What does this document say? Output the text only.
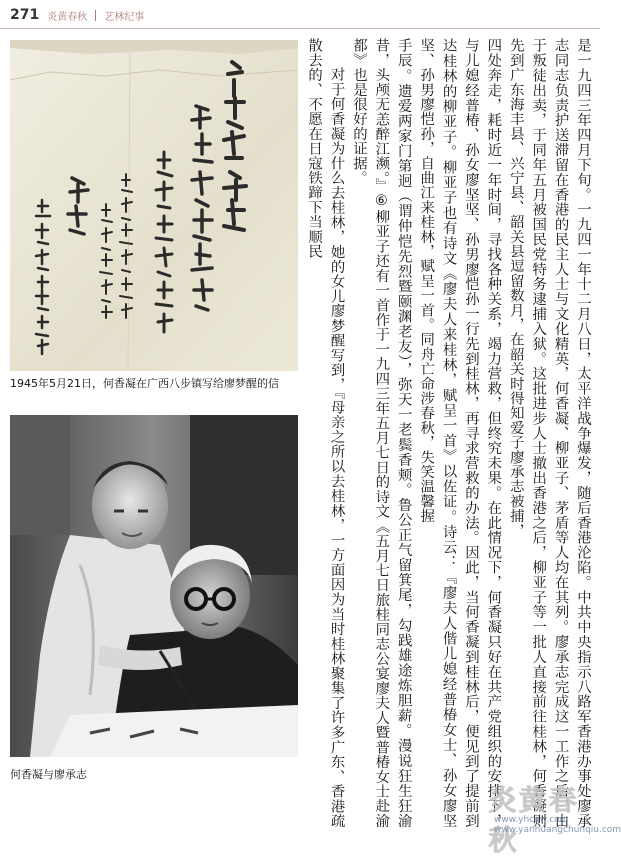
271 炎黄春秋 艺林纪事
1945年5月21日，何香凝在广西八步镇写给廖梦醒的信
何香凝与廖承志	是一九四三年四月下旬。一九四一年十二月八日，太平洋战争爆发，随后香港沦陷。中共中央指示八路军香港办事处廖承志同志负责护送滞留在香港的民主人士与文化精英，何香凝、柳亚子、茅盾等人均在其列。廖承志完成这一工作之后，由于叛徒出卖，于同年五月被国民党特务逮捕入狱。这批进步人士撤出香港之后，柳亚子等一批人直接前往桂林，何香凝则先到广东海丰县、兴宁县、韶关县逗留数月，在韶关时得知爱子廖承志被捕，

四处奔走，耗时近一年时间，寻找各种关系，竭力营救，但终究未果。在此情况下，何香凝只好在共产党组织的安排下，与儿媳经普椿、孙女廖坚坚、孙男廖恺孙一行先到桂林，再寻求营救的办法。因此，当何香凝到桂林后，便见到了提前到达桂林的柳亚子。柳亚子也有诗文《廖夫人来桂林，赋呈一首》以佐证。诗云：『廖夫人偕儿媳经普椿女士、孙女廖坚坚、孙男廖恺孙，自曲江来桂林，赋呈一首。同舟亡命涉春秋，失笑温馨握

手辰。遗爱两家门第迥（谓仲恺先烈暨颐渊老友），弥天一老鬓香颊。鲁公正气留箕尾，勾践雄途炼胆薪。漫说狂生狂渝昔，头颅无恙醉江濒。』⑥柳亚子还有一首作于一九四三年五月七日的诗文《五月七日旅桂同志公宴廖夫人暨普椿女士赴渝都》也是很好的证据。

对于何香凝为什么去桂林，她的女儿廖梦醒写到，『母亲之所以去桂林，一方面因为当时桂林聚集了许多广东、香港疏散去的、不愿在日寇铁蹄下当顺民

炎黄春秋
www.yhcqw.com
www.yanhuangchunqiu.com
